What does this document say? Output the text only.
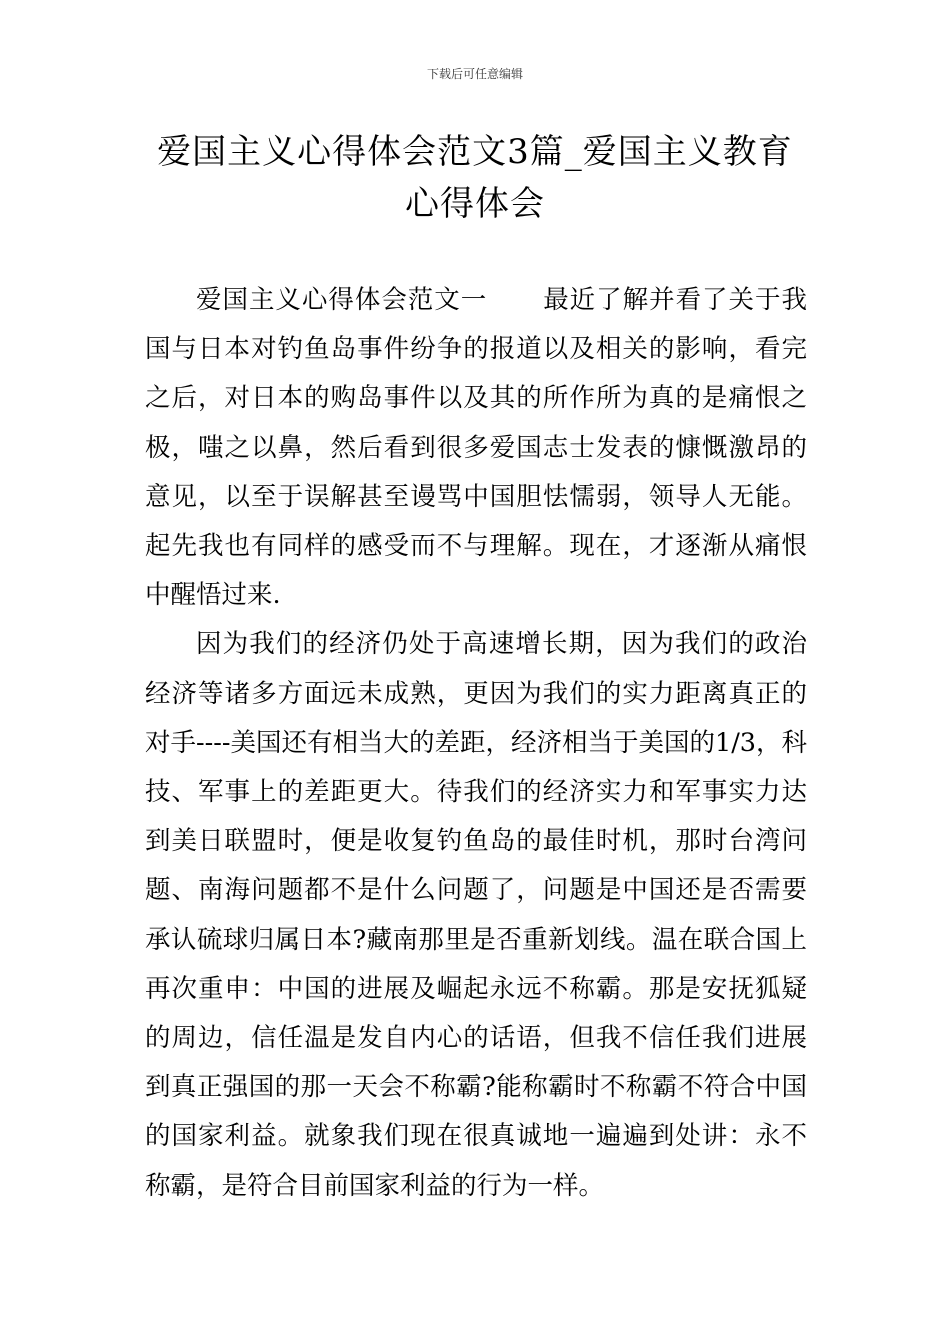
下载后可任意编辑
爱国主义心得体会范文3篇_爱国主义教育
心得体会

爱国主义心得体会范文一 最近了解并看了关于我国与日本对钓鱼岛事件纷争的报道以及相关的影响，看完之后，对日本的购岛事件以及其的所作所为真的是痛恨之极，嗤之以鼻，然后看到很多爱国志士发表的慷慨激昂的意见，以至于误解甚至谩骂中国胆怯懦弱，领导人无能。起先我也有同样的感受而不与理解。现在，才逐渐从痛恨中醒悟过来.

因为我们的经济仍处于高速增长期，因为我们的政治经济等诸多方面远未成熟，更因为我们的实力距离真正的对手----美国还有相当大的差距，经济相当于美国的1/3，科技、军事上的差距更大。待我们的经济实力和军事实力达到美日联盟时，便是收复钓鱼岛的最佳时机，那时台湾问题、南海问题都不是什么问题了，问题是中国还是否需要承认硫球归属日本?藏南那里是否重新划线。温在联合国上再次重申：中国的进展及崛起永远不称霸。那是安抚狐疑的周边，信任温是发自内心的话语，但我不信任我们进展到真正强国的那一天会不称霸?能称霸时不称霸不符合中国的国家利益。就象我们现在很真诚地一遍遍到处讲：永不称霸，是符合目前国家利益的行为一样。
